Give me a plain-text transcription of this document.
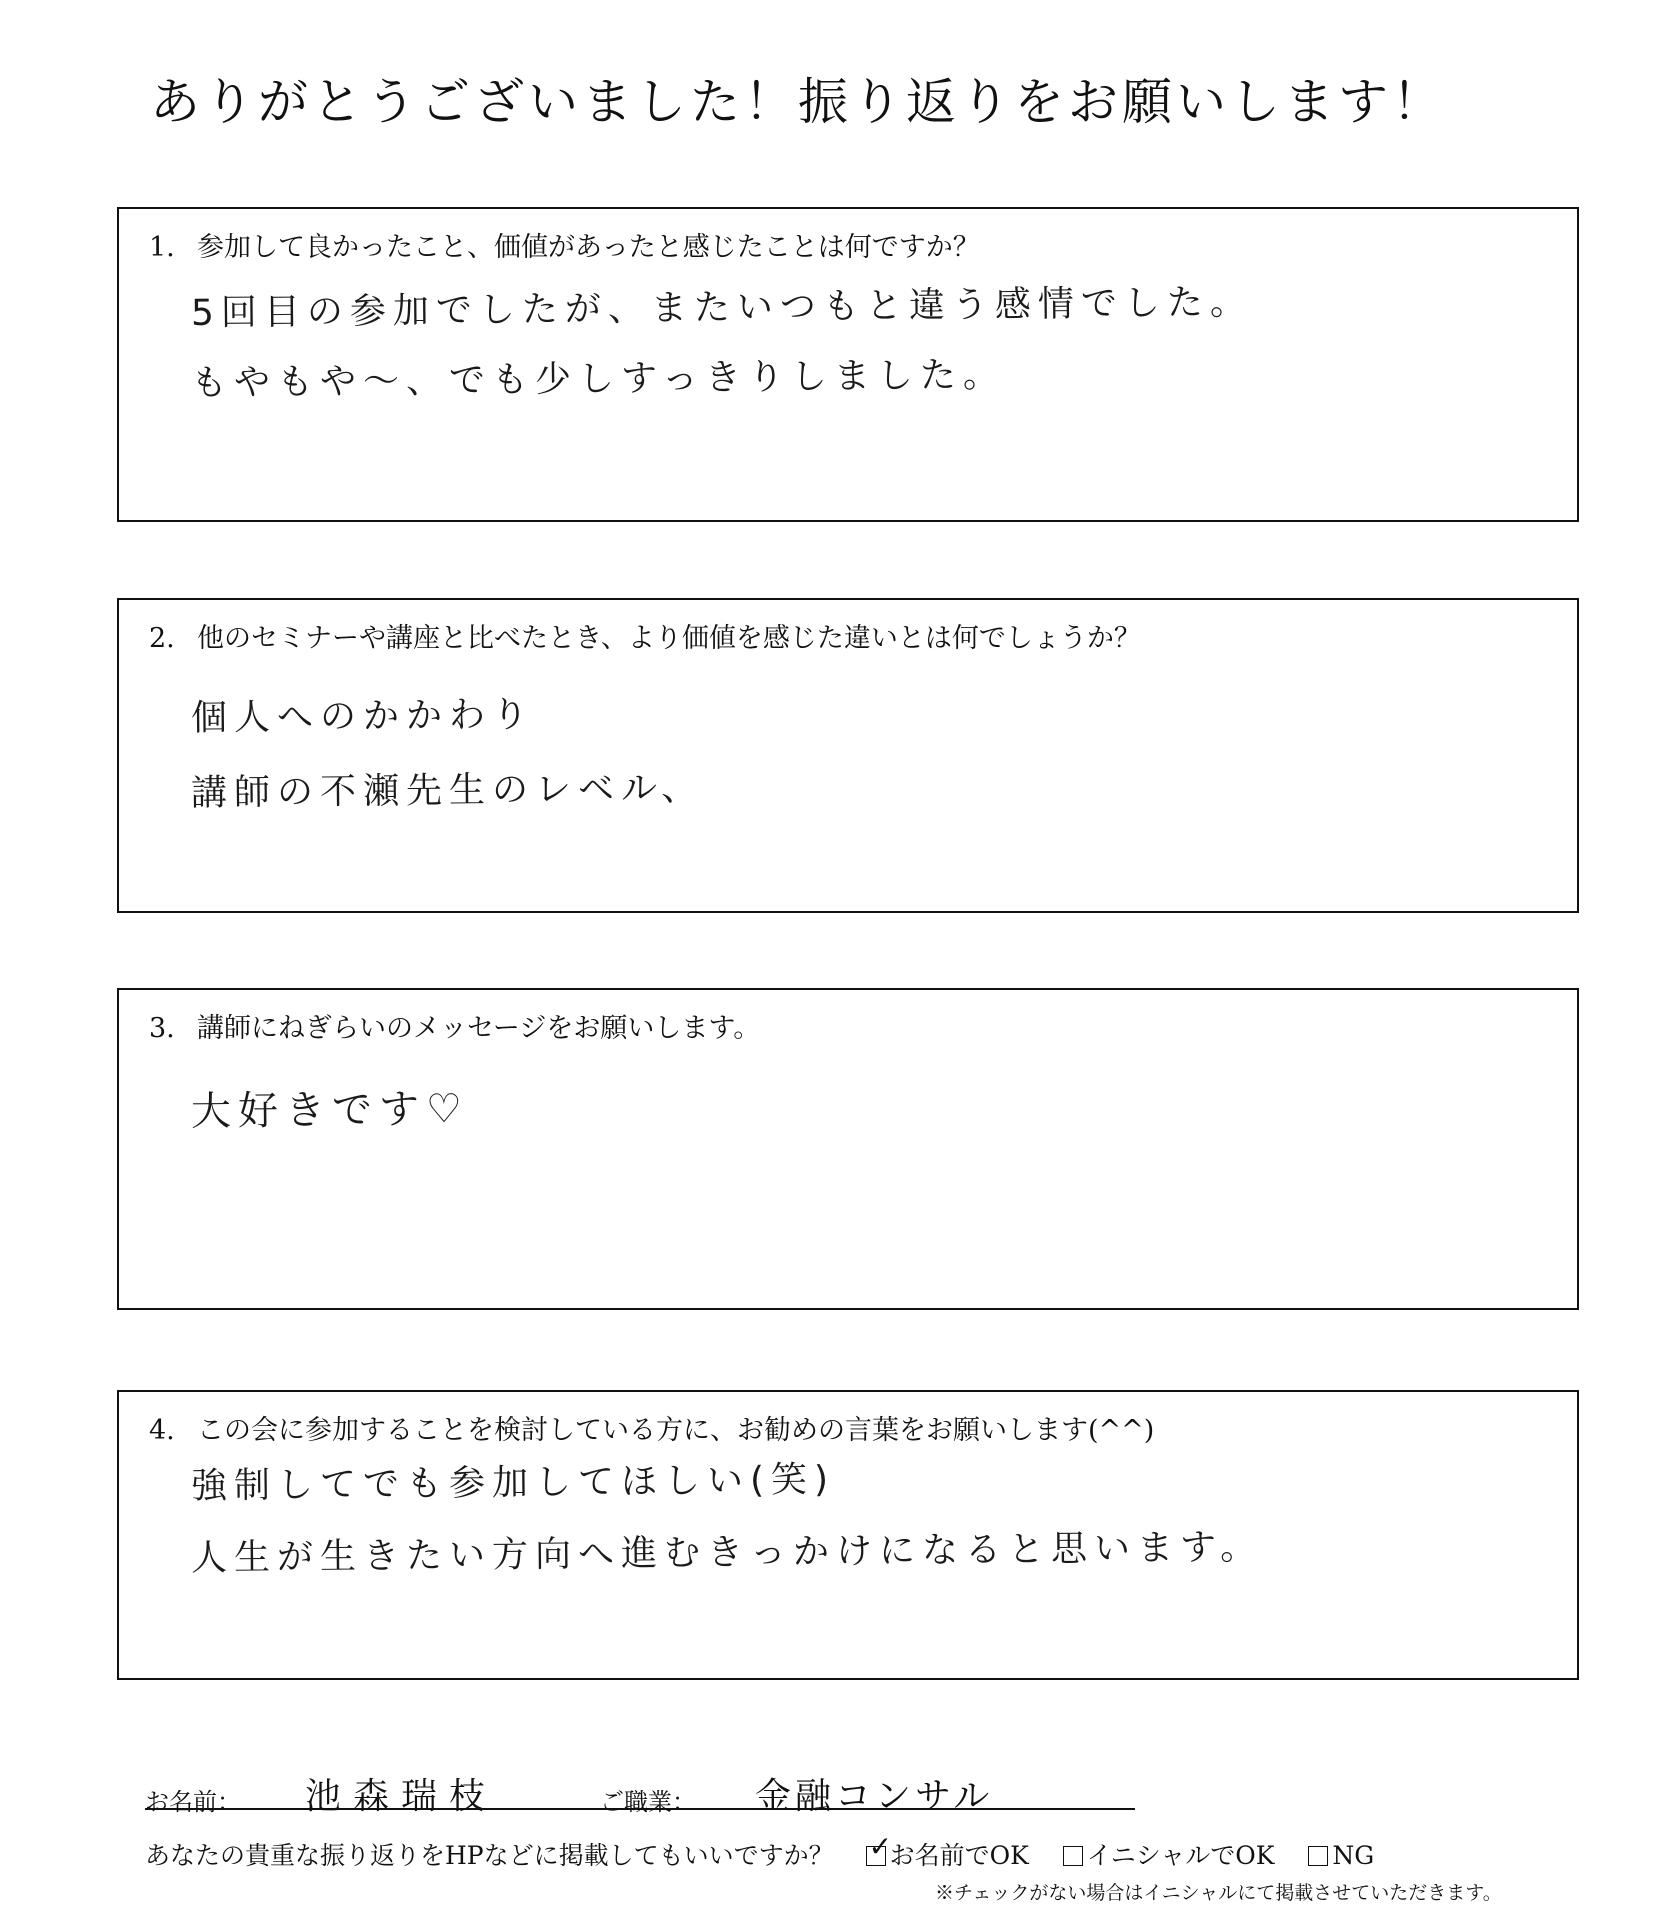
ありがとうございました！振り返りをお願いします！
1. 参加して良かったこと、価値があったと感じたことは何ですか？
5回目の参加でしたが、またいつもと違う感情でした。
もやもや〜、でも少しすっきりしました。
2. 他のセミナーや講座と比べたとき、より価値を感じた違いとは何でしょうか？
個人へのかかわり
講師の不瀬先生のレベル、
3. 講師にねぎらいのメッセージをお願いします。
大好きです♡
4. この会に参加することを検討している方に、お勧めの言葉をお願いします(^^)
強制してでも参加してほしい(笑)
人生が生きたい方向へ進むきっかけになると思います。
お名前： 池森瑞枝	ご職業： 金融コンサル
あなたの貴重な振り返りをHPなどに掲載してもいいですか？ ✓
お名前でOK イニシャルでOK NG
※チェックがない場合はイニシャルにて掲載させていただきます。
